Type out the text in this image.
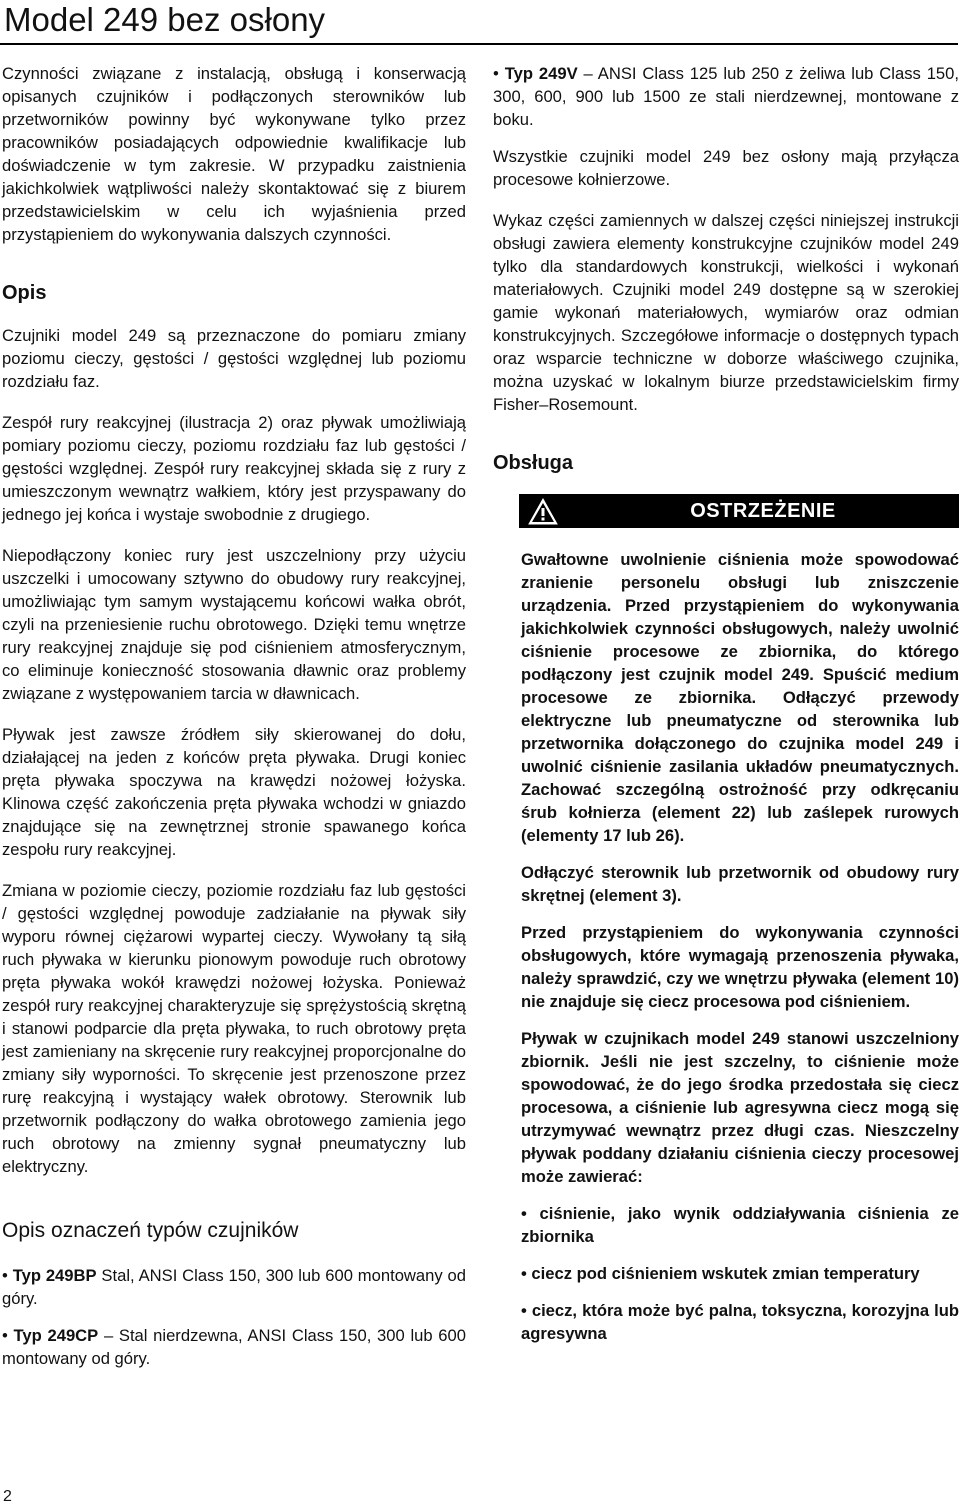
Model 249 bez osłony

Czynności związane z instalacją, obsługą i konserwacją opisanych czujników i podłączonych sterowników lub przetworników powinny być wykonywane tylko przez pracowników posiadających odpowiednie kwalifikacje lub doświadczenie w tym zakresie. W przypadku zaistnienia jakichkolwiek wątpliwości należy skontaktować się z biurem przedstawicielskim w celu ich wyjaśnienia przed przystąpieniem do wykonywania dalszych czynności.

Opis

Czujniki model 249 są przeznaczone do pomiaru zmiany poziomu cieczy, gęstości / gęstości względnej lub poziomu rozdziału faz.

Zespół rury reakcyjnej (ilustracja 2) oraz pływak umożliwiają pomiary poziomu cieczy, poziomu rozdziału faz lub gęstości / gęstości względnej. Zespół rury reakcyjnej składa się z rury z umieszczonym wewnątrz wałkiem, który jest przyspawany do jednego jej końca i wystaje swobodnie z drugiego.

Niepodłączony koniec rury jest uszczelniony przy użyciu uszczelki i umocowany sztywno do obudowy rury reakcyjnej, umożliwiając tym samym wystającemu końcowi wałka obrót, czyli na przeniesienie ruchu obrotowego. Dzięki temu wnętrze rury reakcyjnej znajduje się pod ciśnieniem atmosferycznym, co eliminuje konieczność stosowania dławnic oraz problemy związane z występowaniem tarcia w dławnicach.

Pływak jest zawsze źródłem siły skierowanej do dołu, działającej na jeden z końców pręta pływaka. Drugi koniec pręta pływaka spoczywa na krawędzi nożowej łożyska. Klinowa część zakończenia pręta pływaka wchodzi w gniazdo znajdujące się na zewnętrznej stronie spawanego końca zespołu rury reakcyjnej.

Zmiana w poziomie cieczy, poziomie rozdziału faz lub gęstości / gęstości względnej powoduje zadziałanie na pływak siły wyporu równej ciężarowi wypartej cieczy. Wywołany tą siłą ruch pływaka w kierunku pionowym powoduje ruch obrotowy pręta pływaka wokół krawędzi nożowej łożyska. Ponieważ zespół rury reakcyjnej charakteryzuje się sprężystością skrętną i stanowi podparcie dla pręta pływaka, to ruch obrotowy pręta jest zamieniany na skręcenie rury reakcyjnej proporcjonalne do zmiany siły wyporności. To skręcenie jest przenoszone przez rurę reakcyjną i wystający wałek obrotowy. Sterownik lub przetwornik podłączony do wałka obrotowego zamienia jego ruch obrotowy na zmienny sygnał pneumatyczny lub elektryczny.

Opis oznaczeń typów czujników

• Typ 249BP Stal, ANSI Class 150, 300 lub 600 montowany od góry.

• Typ 249CP – Stal nierdzewna, ANSI Class 150, 300 lub 600 montowany od góry.

• Typ 249V – ANSI Class 125 lub 250 z żeliwa lub Class 150, 300, 600, 900 lub 1500 ze stali nierdzewnej, montowane z boku.

Wszystkie czujniki model 249 bez osłony mają przyłącza procesowe kołnierzowe.

Wykaz części zamiennych w dalszej części niniejszej instrukcji obsługi zawiera elementy konstrukcyjne czujników model 249 tylko dla standardowych konstrukcji, wielkości i wykonań materiałowych. Czujniki model 249 dostępne są w szerokiej gamie wykonań materiałowych, wymiarów oraz odmian konstrukcyjnych. Szczegółowe informacje o dostępnych typach oraz wsparcie techniczne w doborze właściwego czujnika, można uzyskać w lokalnym biurze przedstawicielskim firmy Fisher–Rosemount.

Obsługa
OSTRZEŻENIE

Gwałtowne uwolnienie ciśnienia może spowodować zranienie personelu obsługi lub zniszczenie urządzenia. Przed przystąpieniem do wykonywania jakichkolwiek czynności obsługowych, należy uwolnić ciśnienie procesowe ze zbiornika, do którego podłączony jest czujnik model 249. Spuścić medium procesowe ze zbiornika. Odłączyć przewody elektryczne lub pneumatyczne od sterownika lub przetwornika dołączonego do czujnika model 249 i uwolnić ciśnienie zasilania układów pneumatycznych. Zachować szczególną ostrożność przy odkręcaniu śrub kołnierza (element 22) lub zaślepek rurowych (elementy 17 lub 26).

Odłączyć sterownik lub przetwornik od obudowy rury skrętnej (element 3).

Przed przystąpieniem do wykonywania czynności obsługowych, które wymagają przenoszenia pływaka, należy sprawdzić, czy we wnętrzu pływaka (element 10) nie znajduje się ciecz procesowa pod ciśnieniem.

Pływak w czujnikach model 249 stanowi uszczelniony zbiornik. Jeśli nie jest szczelny, to ciśnienie może spowodować, że do jego środka przedostała się ciecz procesowa, a ciśnienie lub agresywna ciecz mogą się utrzymywać wewnątrz przez długi czas. Nieszczelny pływak poddany działaniu ciśnienia cieczy procesowej może zawierać:

• ciśnienie, jako wynik oddziaływania ciśnienia ze zbiornika

• ciecz pod ciśnieniem wskutek zmian temperatury

• ciecz, która może być palna, toksyczna, korozyjna lub agresywna

2
